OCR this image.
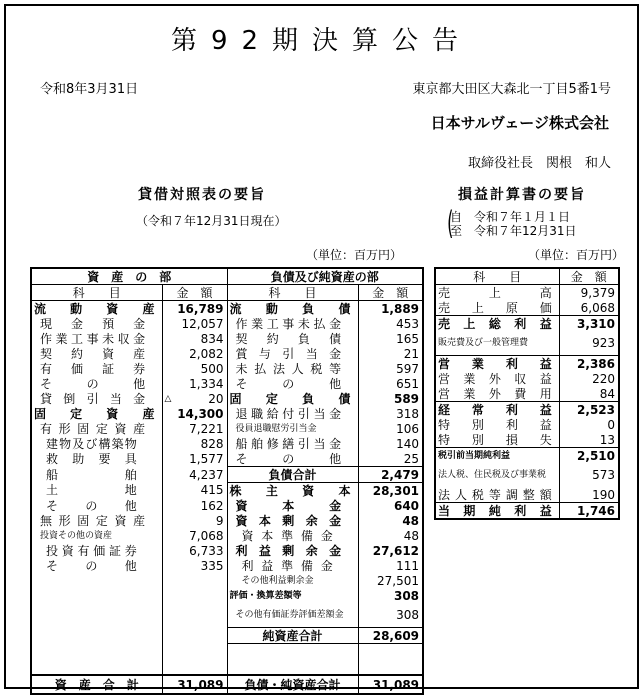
第92期決算公告
令和8年3月31日	東京都大田区大森北一丁目5番1号
日本サルヴェージ株式会社
取締役社長　関根　和人
貸借対照表の要旨
（令和７年12月31日現在）
（単位：百万円）
損益計算書の要旨
(
自　令和７年１月１日
至　令和７年12月31日
（単位：百万円）
資　産　の　部		負債及び純資産の部	
科　　目	金　額	科　　目	金　額
流動資産	16,789	流動負債	1,889
現金預金	12,057	作業工事未払金	453
作業工事未収金	834	契約負債	165
契約資産	2,082	賞与引当金	21
有価証券	500	未払法人税等	597
その他	1,334	その他	651
貸倒引当金	△ 20	固定負債	589
固定資産	14,300	退職給付引当金	318
有形固定資産	7,221	役員退職慰労引当金	106
建物及び構築物	828	船舶修繕引当金	140
救助要具	1,577	その他	25
船舶	4,237	負債合計	2,479
土地	415	株主資本	28,301
その他	162	資本金	640
無形固定資産	9	資本剰余金	48
投資その他の資産	7,068	資本準備金	48
投資有価証券	6,733	利益剰余金	27,612
その他	335	利益準備金	111
		その他利益剰余金	27,501
		評価・換算差額等	308
		その他有価証券評価差額金	308
		純資産合計	28,609

資　産　合　計	31,089	負債・純資産合計	31,089
科　　目	金　額
売上高	9,379
売上原価	6,068
売上総利益	3,310
販売費及び一般管理費	923
営業利益	2,386
営業外収益	220
営業外費用	84
経常利益	2,523
特別利益	0
特別損失	13
税引前当期純利益	2,510
法人税、住民税及び事業税	573
法人税等調整額	190
当期純利益	1,746
